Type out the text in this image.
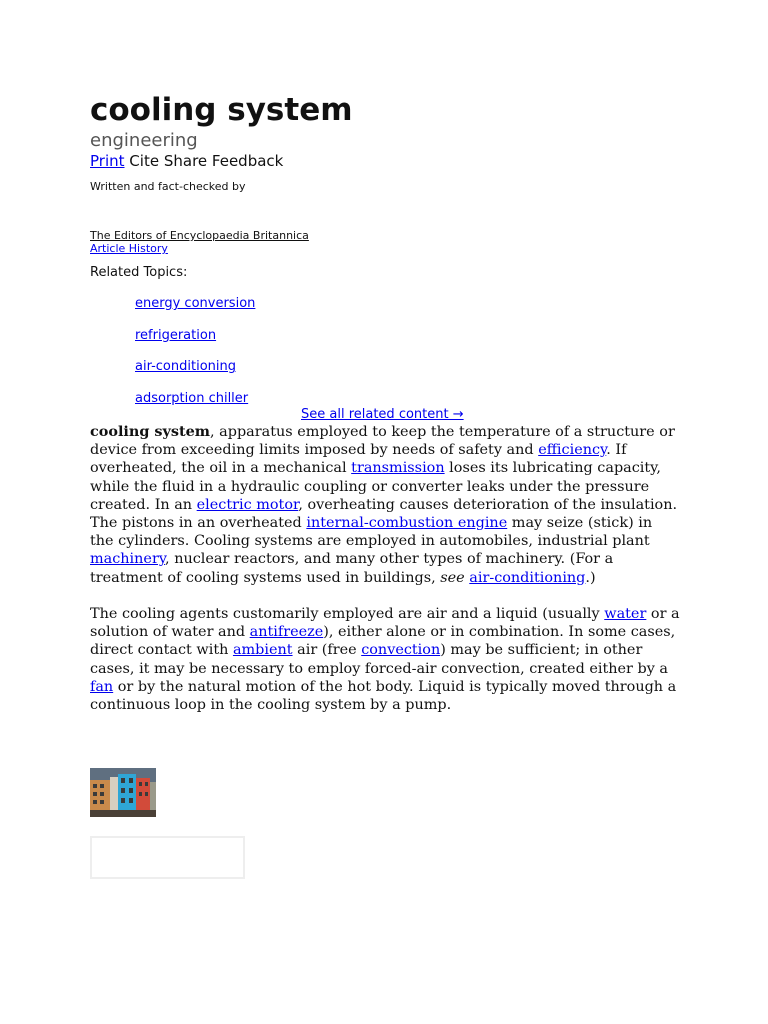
cooling system
engineering
Print Cite Share Feedback
Written and fact-checked by
The Editors of Encyclopaedia Britannica
Article History
Related Topics:
energy conversion
refrigeration
air-conditioning
adsorption chiller
See all related content →

cooling system, apparatus employed to keep the temperature of a structure or device from exceeding limits imposed by needs of safety and efficiency. If overheated, the oil in a mechanical transmission loses its lubricating capacity, while the fluid in a hydraulic coupling or converter leaks under the pressure created. In an electric motor, overheating causes deterioration of the insulation. The pistons in an overheated internal-combustion engine may seize (stick) in the cylinders. Cooling systems are employed in automobiles, industrial plant machinery, nuclear reactors, and many other types of machinery. (For a treatment of cooling systems used in buildings, see air-conditioning.)

The cooling agents customarily employed are air and a liquid (usually water or a solution of water and antifreeze), either alone or in combination. In some cases, direct contact with ambient air (free convection) may be sufficient; in other cases, it may be necessary to employ forced-air convection, created either by a fan or by the natural motion of the hot body. Liquid is typically moved through a continuous loop in the cooling system by a pump.
